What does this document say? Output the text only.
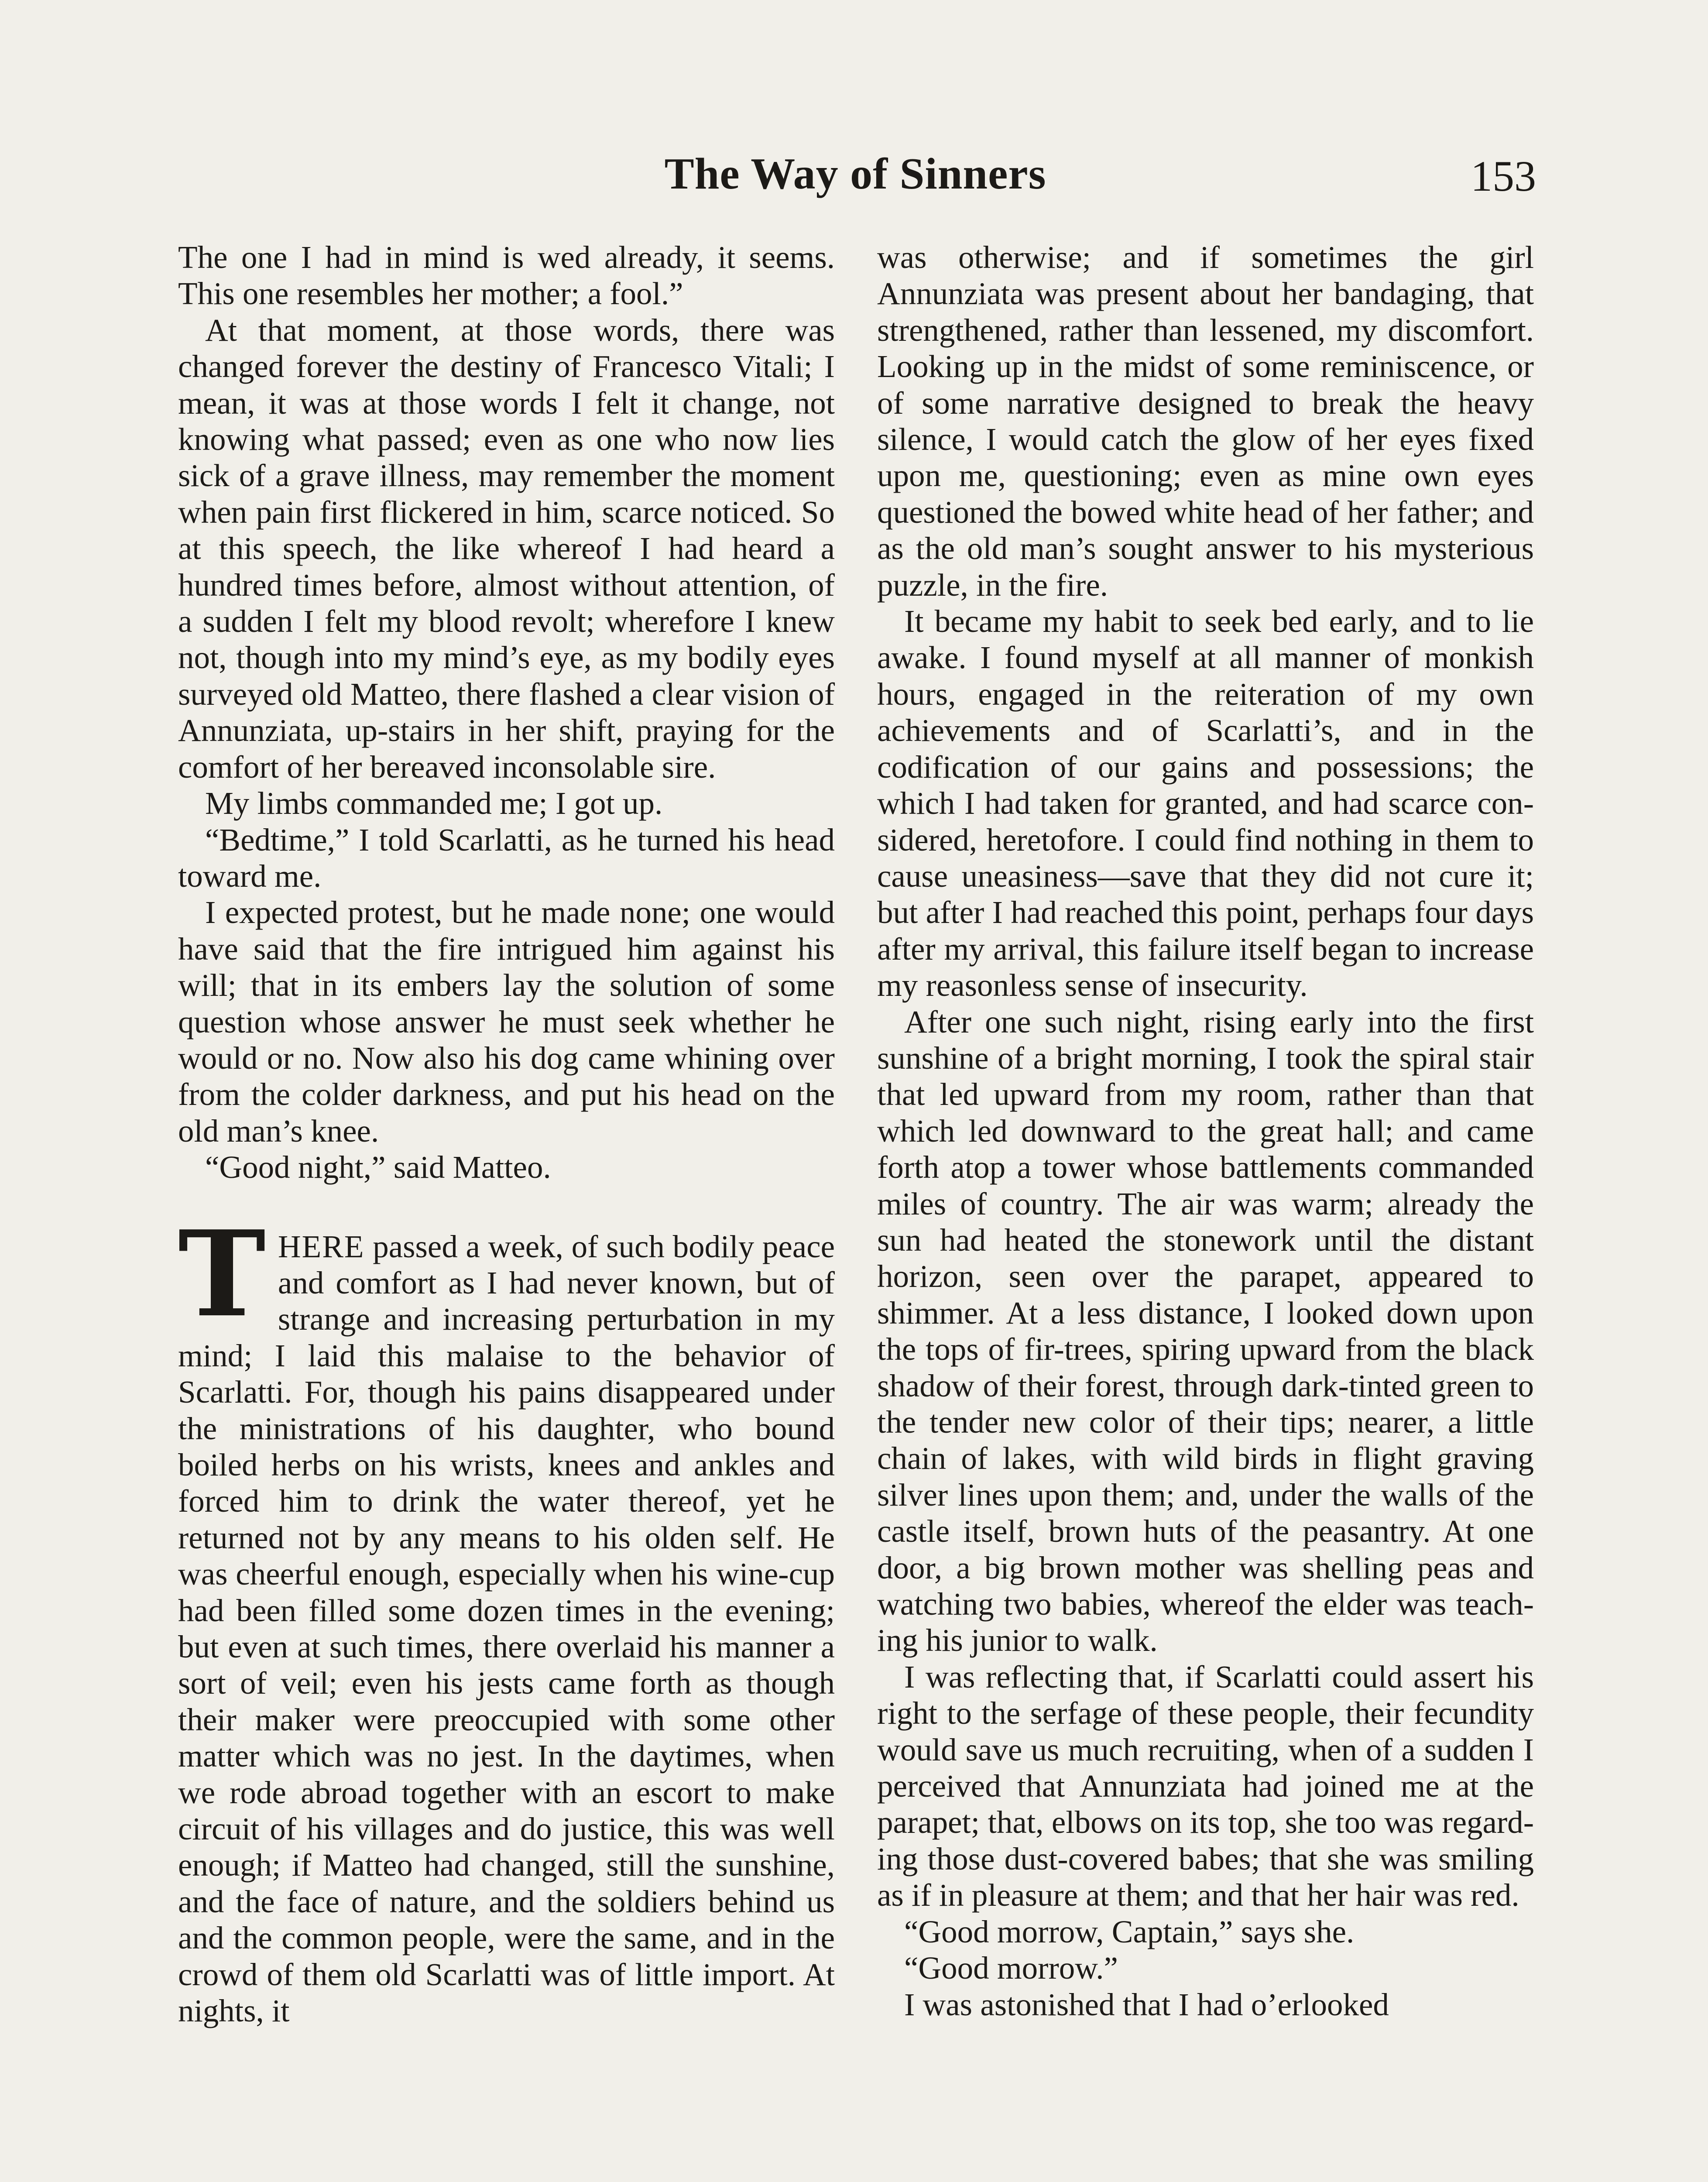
The Way of Sinners	153

The one I had in mind is wed already, it seems. This one resembles her mother; a fool.”

At that moment, at those words, there was changed forever the destiny of Francesco Vitali; I mean, it was at those words I felt it change, not knowing what passed; even as one who now lies sick of a grave illness, may remember the moment when pain first flickered in him, scarce noticed. So at this speech, the like whereof I had heard a hundred times before, almost without attention, of a sudden I felt my blood revolt; wherefore I knew not, though into my mind’s eye, as my bodily eyes surveyed old Matteo, there flashed a clear vision of Annunziata, up-stairs in her shift, praying for the comfort of her bereaved inconsolable sire.

My limbs commanded me; I got up.

“Bedtime,” I told Scarlatti, as he turned his head toward me.

I expected protest, but he made none; one would have said that the fire intrigued him against his will; that in its embers lay the solution of some question whose answer he must seek whether he would or no. Now also his dog came whining over from the colder darkness, and put his head on the old man’s knee.

“Good night,” said Matteo.

THERE passed a week, of such bodily peace and comfort as I had never known, but of strange and increasing perturbation in my mind; I laid this malaise to the behavior of Scarlatti. For, though his pains disappeared under the ministrations of his daughter, who bound boiled herbs on his wrists, knees and ankles and forced him to drink the water thereof, yet he returned not by any means to his olden self. He was cheerful enough, especially when his wine-cup had been filled some dozen times in the evening; but even at such times, there overlaid his manner a sort of veil; even his jests came forth as though their maker were preoccupied with some other matter which was no jest. In the daytimes, when we rode abroad together with an escort to make circuit of his villages and do justice, this was well enough; if Matteo had changed, still the sunshine, and the face of nature, and the soldiers behind us and the common people, were the same, and in the crowd of them old Scarlatti was of little import. At nights, it

was otherwise; and if sometimes the girl Annunziata was present about her bandaging, that strengthened, rather than lessened, my discomfort. Looking up in the midst of some reminiscence, or of some narrative designed to break the heavy silence, I would catch the glow of her eyes fixed upon me, questioning; even as mine own eyes questioned the bowed white head of her father; and as the old man’s sought answer to his mysterious puzzle, in the fire.

It became my habit to seek bed early, and to lie awake. I found myself at all manner of monkish hours, engaged in the reiteration of my own achievements and of Scarlatti’s, and in the codification of our gains and possessions; the which I had taken for granted, and had scarce considered, heretofore. I could find nothing in them to cause uneasiness—save that they did not cure it; but after I had reached this point, perhaps four days after my arrival, this failure itself began to increase my reasonless sense of insecurity.

After one such night, rising early into the first sunshine of a bright morning, I took the spiral stair that led upward from my room, rather than that which led downward to the great hall; and came forth atop a tower whose battlements commanded miles of country. The air was warm; already the sun had heated the stonework until the distant horizon, seen over the parapet, appeared to shimmer. At a less distance, I looked down upon the tops of fir-trees, spiring upward from the black shadow of their forest, through dark-tinted green to the tender new color of their tips; nearer, a little chain of lakes, with wild birds in flight graving silver lines upon them; and, under the walls of the castle itself, brown huts of the peasantry. At one door, a big brown mother was shelling peas and watching two babies, whereof the elder was teaching his junior to walk.

I was reflecting that, if Scarlatti could assert his right to the serfage of these people, their fecundity would save us much recruiting, when of a sudden I perceived that Annunziata had joined me at the parapet; that, elbows on its top, she too was regarding those dust-covered babes; that she was smiling as if in pleasure at them; and that her hair was red.

“Good morrow, Captain,” says she.

“Good morrow.”

I was astonished that I had o’erlooked
